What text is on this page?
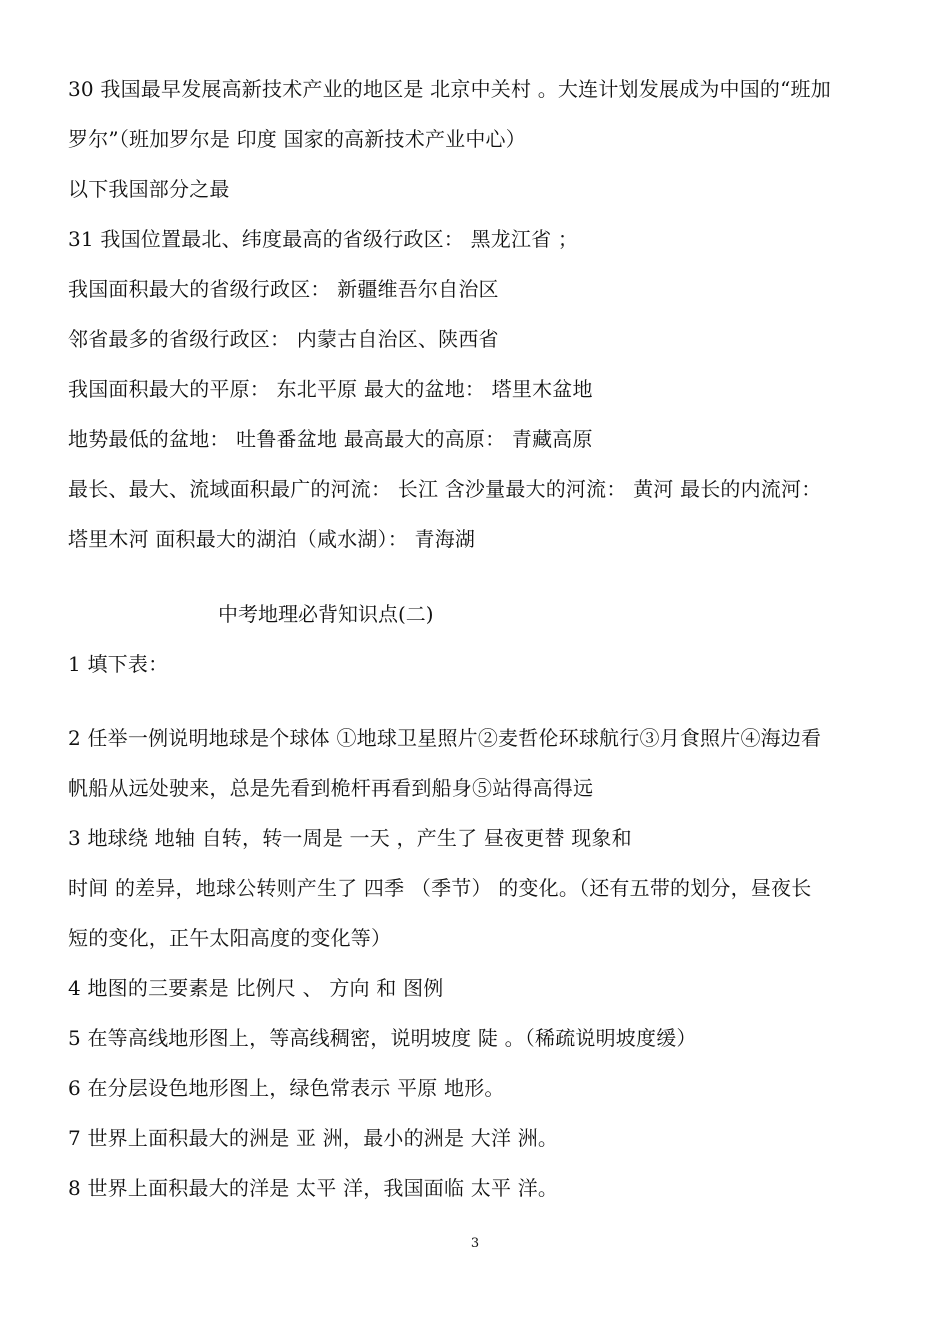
30 我国最早发展高新技术产业的地区是 北京中关村 。大连计划发展成为中国的“班加
罗尔”（班加罗尔是 印度 国家的高新技术产业中心）
以下我国部分之最
31 我国位置最北、纬度最高的省级行政区： 黑龙江省 ；
我国面积最大的省级行政区： 新疆维吾尔自治区
邻省最多的省级行政区： 内蒙古自治区、陕西省
我国面积最大的平原： 东北平原 最大的盆地： 塔里木盆地
地势最低的盆地： 吐鲁番盆地 最高最大的高原： 青藏高原
最长、最大、流域面积最广的河流： 长江 含沙量最大的河流： 黄河 最长的内流河：
塔里木河 面积最大的湖泊（咸水湖）： 青海湖
中考地理必背知识点(二)
1 填下表：
2 任举一例说明地球是个球体 ①地球卫星照片②麦哲伦环球航行③月食照片④海边看
帆船从远处驶来，总是先看到桅杆再看到船身⑤站得高得远
3 地球绕 地轴 自转，转一周是 一天 ，产生了 昼夜更替 现象和
时间 的差异，地球公转则产生了 四季 （季节） 的变化。（还有五带的划分，昼夜长
短的变化，正午太阳高度的变化等）
4 地图的三要素是 比例尺 、 方向 和 图例
5 在等高线地形图上，等高线稠密，说明坡度 陡 。（稀疏说明坡度缓）
6 在分层设色地形图上，绿色常表示 平原 地形。
7 世界上面积最大的洲是 亚 洲，最小的洲是 大洋 洲。
8 世界上面积最大的洋是 太平 洋，我国面临 太平 洋。
3
